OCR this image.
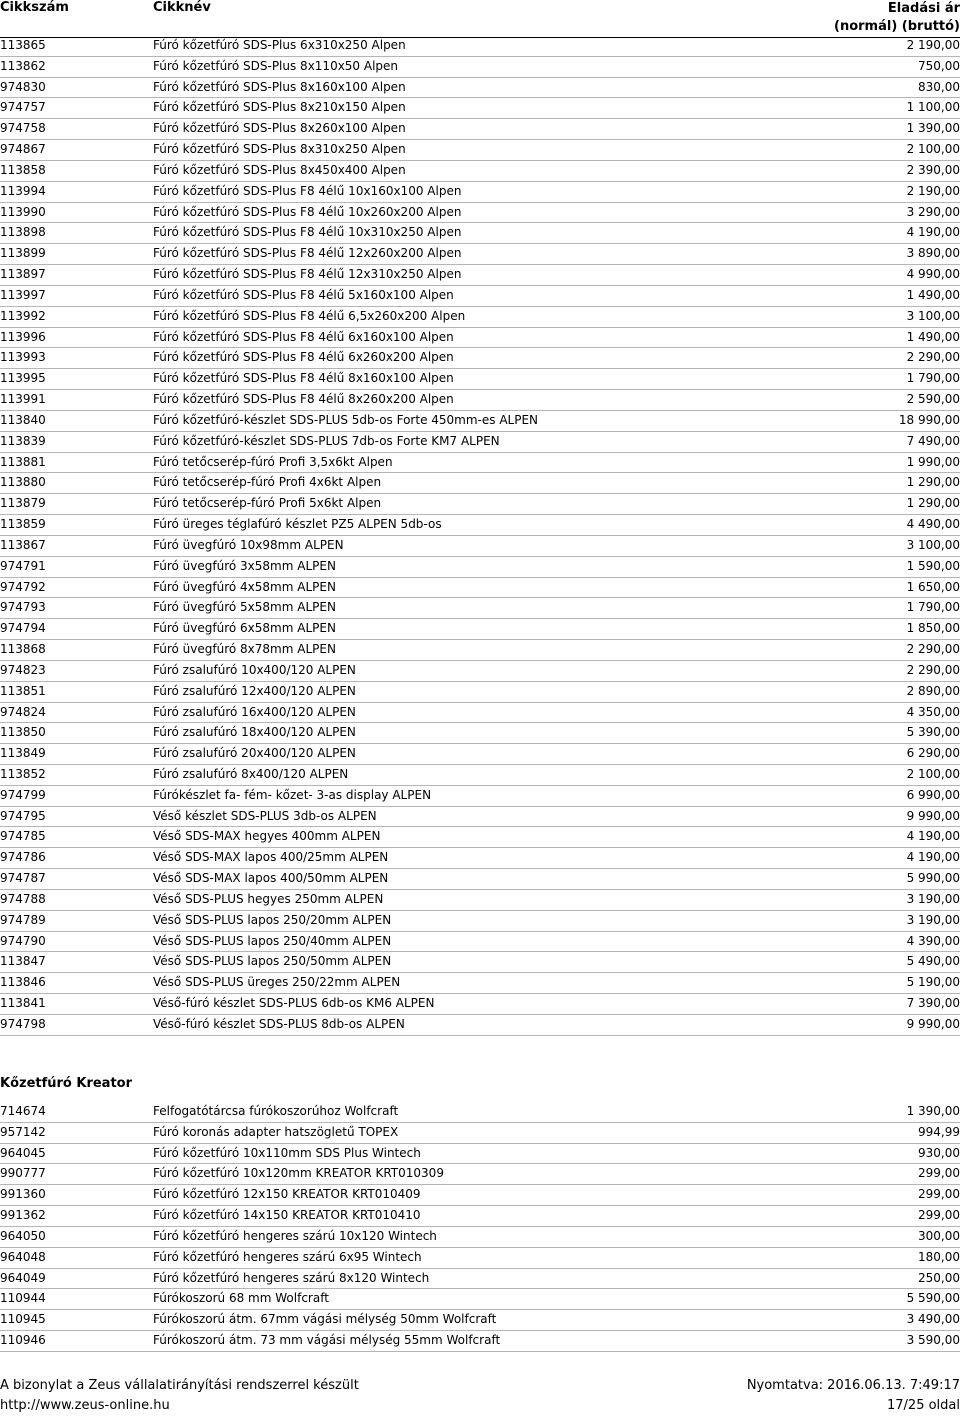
Cikkszám	Cikknév	Eladási ár
(normál) (bruttó)
113865	Fúró kőzetfúró SDS-Plus 6x310x250 Alpen	2 190,00
113862	Fúró kőzetfúró SDS-Plus 8x110x50 Alpen	750,00
974830	Fúró kőzetfúró SDS-Plus 8x160x100 Alpen	830,00
974757	Fúró kőzetfúró SDS-Plus 8x210x150 Alpen	1 100,00
974758	Fúró kőzetfúró SDS-Plus 8x260x100 Alpen	1 390,00
974867	Fúró kőzetfúró SDS-Plus 8x310x250 Alpen	2 100,00
113858	Fúró kőzetfúró SDS-Plus 8x450x400 Alpen	2 390,00
113994	Fúró kőzetfúró SDS-Plus F8 4élű 10x160x100 Alpen	2 190,00
113990	Fúró kőzetfúró SDS-Plus F8 4élű 10x260x200 Alpen	3 290,00
113898	Fúró kőzetfúró SDS-Plus F8 4élű 10x310x250 Alpen	4 190,00
113899	Fúró kőzetfúró SDS-Plus F8 4élű 12x260x200 Alpen	3 890,00
113897	Fúró kőzetfúró SDS-Plus F8 4élű 12x310x250 Alpen	4 990,00
113997	Fúró kőzetfúró SDS-Plus F8 4élű 5x160x100 Alpen	1 490,00
113992	Fúró kőzetfúró SDS-Plus F8 4élű 6,5x260x200 Alpen	3 100,00
113996	Fúró kőzetfúró SDS-Plus F8 4élű 6x160x100 Alpen	1 490,00
113993	Fúró kőzetfúró SDS-Plus F8 4élű 6x260x200 Alpen	2 290,00
113995	Fúró kőzetfúró SDS-Plus F8 4élű 8x160x100 Alpen	1 790,00
113991	Fúró kőzetfúró SDS-Plus F8 4élű 8x260x200 Alpen	2 590,00
113840	Fúró kőzetfúró-készlet SDS-PLUS 5db-os Forte 450mm-es ALPEN	18 990,00
113839	Fúró kőzetfúró-készlet SDS-PLUS 7db-os Forte KM7 ALPEN	7 490,00
113881	Fúró tetőcserép-fúró Profi 3,5x6kt Alpen	1 990,00
113880	Fúró tetőcserép-fúró Profi 4x6kt Alpen	1 290,00
113879	Fúró tetőcserép-fúró Profi 5x6kt Alpen	1 290,00
113859	Fúró üreges téglafúró készlet PZ5 ALPEN 5db-os	4 490,00
113867	Fúró üvegfúró 10x98mm ALPEN	3 100,00
974791	Fúró üvegfúró 3x58mm ALPEN	1 590,00
974792	Fúró üvegfúró 4x58mm ALPEN	1 650,00
974793	Fúró üvegfúró 5x58mm ALPEN	1 790,00
974794	Fúró üvegfúró 6x58mm ALPEN	1 850,00
113868	Fúró üvegfúró 8x78mm ALPEN	2 290,00
974823	Fúró zsalufúró 10x400/120 ALPEN	2 290,00
113851	Fúró zsalufúró 12x400/120 ALPEN	2 890,00
974824	Fúró zsalufúró 16x400/120 ALPEN	4 350,00
113850	Fúró zsalufúró 18x400/120 ALPEN	5 390,00
113849	Fúró zsalufúró 20x400/120 ALPEN	6 290,00
113852	Fúró zsalufúró 8x400/120 ALPEN	2 100,00
974799	Fúrókészlet fa- fém- kőzet- 3-as display ALPEN	6 990,00
974795	Véső készlet SDS-PLUS 3db-os ALPEN	9 990,00
974785	Véső SDS-MAX hegyes 400mm ALPEN	4 190,00
974786	Véső SDS-MAX lapos 400/25mm ALPEN	4 190,00
974787	Véső SDS-MAX lapos 400/50mm ALPEN	5 990,00
974788	Véső SDS-PLUS hegyes 250mm ALPEN	3 190,00
974789	Véső SDS-PLUS lapos 250/20mm ALPEN	3 190,00
974790	Véső SDS-PLUS lapos 250/40mm ALPEN	4 390,00
113847	Véső SDS-PLUS lapos 250/50mm ALPEN	5 490,00
113846	Véső SDS-PLUS üreges 250/22mm ALPEN	5 190,00
113841	Véső-fúró készlet SDS-PLUS 6db-os KM6 ALPEN	7 390,00
974798	Véső-fúró készlet SDS-PLUS 8db-os ALPEN	9 990,00
Kőzetfúró Kreator
714674	Felfogatótárcsa fúrókoszorúhoz Wolfcraft	1 390,00
957142	Fúró koronás adapter hatszögletű TOPEX	994,99
964045	Fúró kőzetfúró 10x110mm SDS Plus Wintech	930,00
990777	Fúró kőzetfúró 10x120mm KREATOR KRT010309	299,00
991360	Fúró kőzetfúró 12x150 KREATOR KRT010409	299,00
991362	Fúró kőzetfúró 14x150 KREATOR KRT010410	299,00
964050	Fúró kőzetfúró hengeres szárú 10x120 Wintech	300,00
964048	Fúró kőzetfúró hengeres szárú 6x95 Wintech	180,00
964049	Fúró kőzetfúró hengeres szárú 8x120 Wintech	250,00
110944	Fúrókoszorú 68 mm Wolfcraft	5 590,00
110945	Fúrókoszorú átm. 67mm vágási mélység 50mm Wolfcraft	3 490,00
110946	Fúrókoszorú átm. 73 mm vágási mélység 55mm Wolfcraft	3 590,00
A bizonylat a Zeus vállalatirányítási rendszerrel készült
http://www.zeus-online.hu
Nyomtatva: 2016.06.13. 7:49:17
17/25 oldal
